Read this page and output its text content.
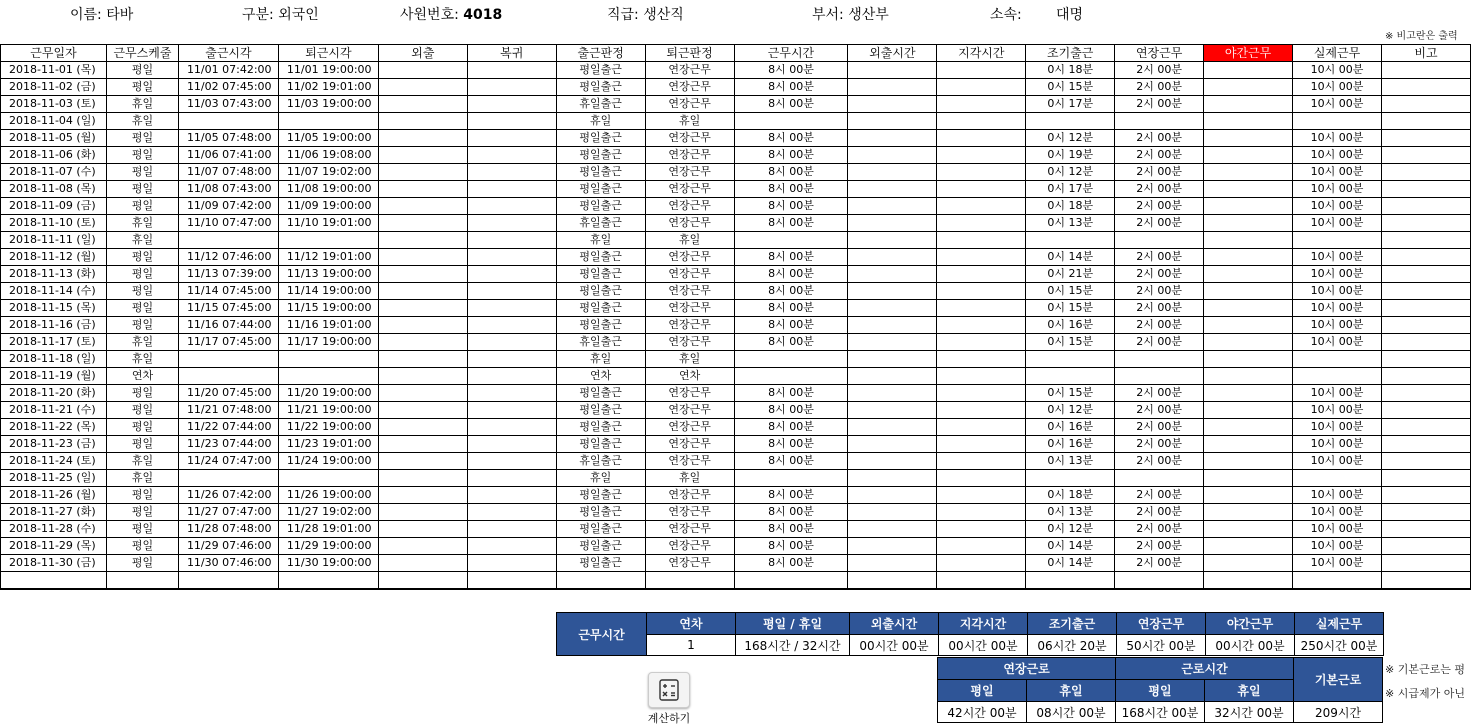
이름: 타바	구분: 외국인	사원번호: 4018	직급: 생산직	부서: 생산부	소속: 대명
※ 비고란은 출력
근무일자	근무스케줄	출근시각	퇴근시각	외출	복귀	출근판정	퇴근판정	근무시간	외출시간	지각시간	조기출근	연장근무	야간근무	실제근무	비고
2018-11-01 (목)	평일	11/01 07:42:00	11/01 19:00:00			평일출근	연장근무	8시 00분			0시 18분	2시 00분		10시 00분	
2018-11-02 (금)	평일	11/02 07:45:00	11/02 19:01:00			평일출근	연장근무	8시 00분			0시 15분	2시 00분		10시 00분	
2018-11-03 (토)	휴일	11/03 07:43:00	11/03 19:00:00			휴일출근	연장근무	8시 00분			0시 17분	2시 00분		10시 00분	
2018-11-04 (일)	휴일					휴일	휴일								
2018-11-05 (월)	평일	11/05 07:48:00	11/05 19:00:00			평일출근	연장근무	8시 00분			0시 12분	2시 00분		10시 00분	
2018-11-06 (화)	평일	11/06 07:41:00	11/06 19:08:00			평일출근	연장근무	8시 00분			0시 19분	2시 00분		10시 00분	
2018-11-07 (수)	평일	11/07 07:48:00	11/07 19:02:00			평일출근	연장근무	8시 00분			0시 12분	2시 00분		10시 00분	
2018-11-08 (목)	평일	11/08 07:43:00	11/08 19:00:00			평일출근	연장근무	8시 00분			0시 17분	2시 00분		10시 00분	
2018-11-09 (금)	평일	11/09 07:42:00	11/09 19:00:00			평일출근	연장근무	8시 00분			0시 18분	2시 00분		10시 00분	
2018-11-10 (토)	휴일	11/10 07:47:00	11/10 19:01:00			휴일출근	연장근무	8시 00분			0시 13분	2시 00분		10시 00분	
2018-11-11 (일)	휴일					휴일	휴일								
2018-11-12 (월)	평일	11/12 07:46:00	11/12 19:01:00			평일출근	연장근무	8시 00분			0시 14분	2시 00분		10시 00분	
2018-11-13 (화)	평일	11/13 07:39:00	11/13 19:00:00			평일출근	연장근무	8시 00분			0시 21분	2시 00분		10시 00분	
2018-11-14 (수)	평일	11/14 07:45:00	11/14 19:00:00			평일출근	연장근무	8시 00분			0시 15분	2시 00분		10시 00분	
2018-11-15 (목)	평일	11/15 07:45:00	11/15 19:00:00			평일출근	연장근무	8시 00분			0시 15분	2시 00분		10시 00분	
2018-11-16 (금)	평일	11/16 07:44:00	11/16 19:01:00			평일출근	연장근무	8시 00분			0시 16분	2시 00분		10시 00분	
2018-11-17 (토)	휴일	11/17 07:45:00	11/17 19:00:00			휴일출근	연장근무	8시 00분			0시 15분	2시 00분		10시 00분	
2018-11-18 (일)	휴일					휴일	휴일								
2018-11-19 (월)	연차					연차	연차								
2018-11-20 (화)	평일	11/20 07:45:00	11/20 19:00:00			평일출근	연장근무	8시 00분			0시 15분	2시 00분		10시 00분	
2018-11-21 (수)	평일	11/21 07:48:00	11/21 19:00:00			평일출근	연장근무	8시 00분			0시 12분	2시 00분		10시 00분	
2018-11-22 (목)	평일	11/22 07:44:00	11/22 19:00:00			평일출근	연장근무	8시 00분			0시 16분	2시 00분		10시 00분	
2018-11-23 (금)	평일	11/23 07:44:00	11/23 19:01:00			평일출근	연장근무	8시 00분			0시 16분	2시 00분		10시 00분	
2018-11-24 (토)	휴일	11/24 07:47:00	11/24 19:00:00			휴일출근	연장근무	8시 00분			0시 13분	2시 00분		10시 00분	
2018-11-25 (일)	휴일					휴일	휴일								
2018-11-26 (월)	평일	11/26 07:42:00	11/26 19:00:00			평일출근	연장근무	8시 00분			0시 18분	2시 00분		10시 00분	
2018-11-27 (화)	평일	11/27 07:47:00	11/27 19:02:00			평일출근	연장근무	8시 00분			0시 13분	2시 00분		10시 00분	
2018-11-28 (수)	평일	11/28 07:48:00	11/28 19:01:00			평일출근	연장근무	8시 00분			0시 12분	2시 00분		10시 00분	
2018-11-29 (목)	평일	11/29 07:46:00	11/29 19:00:00			평일출근	연장근무	8시 00분			0시 14분	2시 00분		10시 00분	
2018-11-30 (금)	평일	11/30 07:46:00	11/30 19:00:00			평일출근	연장근무	8시 00분			0시 14분	2시 00분		10시 00분	

근무시간	연차	평일 / 휴일	외출시간	지각시간	조기출근	연장근무	야간근무	실제근무
	1	168시간 / 32시간	00시간 00분	00시간 00분	06시간 20분	50시간 00분	00시간 00분	250시간 00분
연장근로		근로시간		기본근로
평일	휴일	평일	휴일	
42시간 00분	08시간 00분	168시간 00분	32시간 00분	209시간
※ 기본근로는 평
※ 시급제가 아닌
계산하기
